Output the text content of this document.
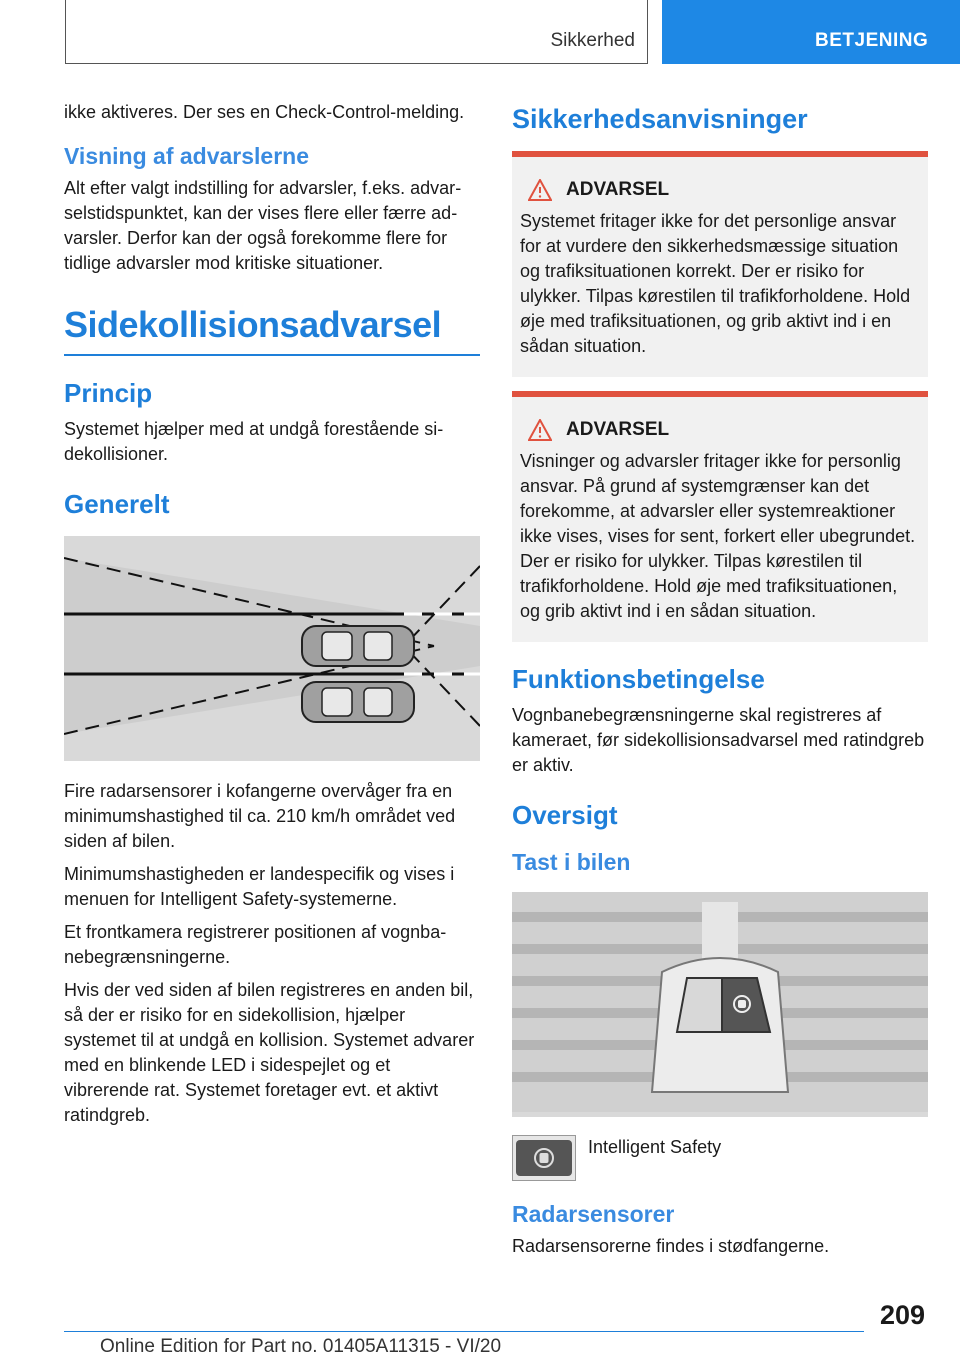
Sikkerhed	BETJENING

ikke aktiveres. Der ses en Check-Control-melding.

Visning af advarslerne

Alt efter valgt indstilling for advarsler, f.eks. advarselstidspunktet, kan der vises flere eller færre advarsler. Derfor kan der også forekomme flere for tidlige advarsler mod kritiske situationer.

Sidekollisionsadvarsel
Princip

Systemet hjælper med at undgå forestående sidekollisioner.

Generelt

Fire radarsensorer i kofangerne overvåger fra en minimumshastighed til ca. 210 km/h området ved siden af bilen.

Minimumshastigheden er landespecifik og vises i menuen for Intelligent Safety-systemerne.

Et frontkamera registrerer positionen af vognbanebegrænsningerne.

Hvis der ved siden af bilen registreres en anden bil, så der er risiko for en sidekollision, hjælper systemet til at undgå en kollision. Systemet advarer med en blinkende LED i sidespejlet og et vibrerende rat. Systemet foretager evt. et aktivt ratindgreb.

Sikkerhedsanvisninger
ADVARSEL

Systemet fritager ikke for det personlige ansvar for at vurdere den sikkerhedsmæssige situation og trafiksituationen korrekt. Der er risiko for ulykker. Tilpas kørestilen til trafikforholdene. Hold øje med trafiksituationen, og grib aktivt ind i en sådan situation.

ADVARSEL

Visninger og advarsler fritager ikke for personlig ansvar. På grund af systemgrænser kan det forekomme, at advarsler eller systemreaktioner ikke vises, vises for sent, forkert eller ubegrundet. Der er risiko for ulykker. Tilpas kørestilen til trafikforholdene. Hold øje med trafiksituationen, og grib aktivt ind i en sådan situation.

Funktionsbetingelse

Vognbanebegrænsningerne skal registreres af kameraet, før sidekollisionsadvarsel med ratindgreb er aktiv.

Oversigt
Tast i bilen
Intelligent Safety
Radarsensorer

Radarsensorerne findes i stødfangerne.

209
Online Edition for Part no. 01405A11315 - VI/20
